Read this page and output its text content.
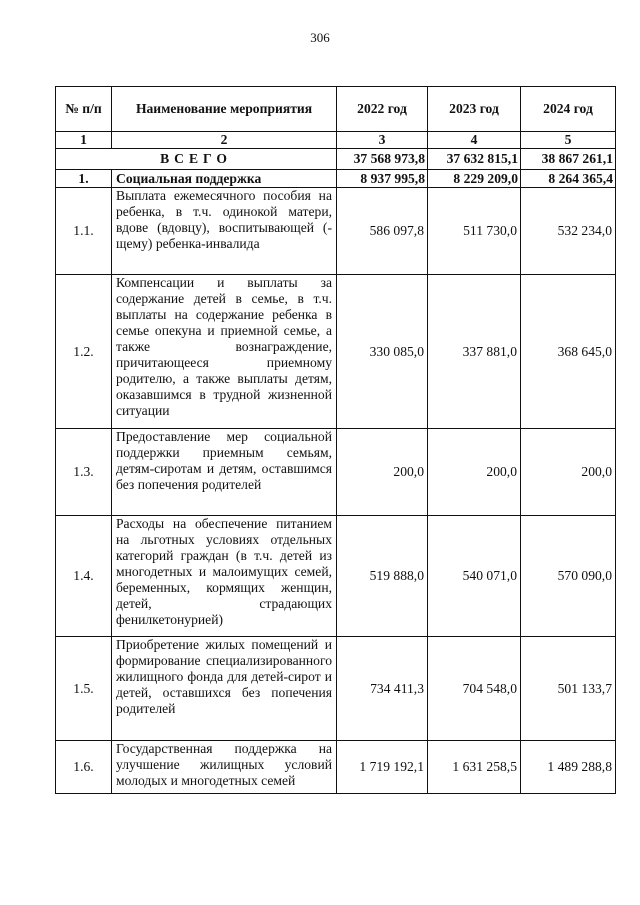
306
№ п/п	Наименование мероприятия	2022 год	2023 год	2024 год
1	2	3	4	5
ВСЕГО		37 568 973,8	37 632 815,1	38 867 261,1
1.	Социальная поддержка	8 937 995,8	8 229 209,0	8 264 365,4
1.1.	Выплата ежемесячного пособия на ребенка, в т.ч. одинокой матери, вдове (вдовцу), воспитывающей (-щему) ребенка-инвалида	586 097,8	511 730,0	532 234,0
1.2.	Компенсации и выплаты за содержание детей в семье, в т.ч. выплаты на содержание ребенка в семье опекуна и приемной семье, а также вознаграждение, причитающееся приемному родителю, а также выплаты детям, оказавшимся в трудной жизненной ситуации	330 085,0	337 881,0	368 645,0
1.3.	Предоставление мер социальной поддержки приемным семьям, детям-сиротам и детям, оставшимся без попечения родителей	200,0	200,0	200,0
1.4.	Расходы на обеспечение питанием на льготных условиях отдельных категорий граждан (в т.ч. детей из многодетных и малоимущих семей, беременных, кормящих женщин, детей, страдающих фенилкетонурией)	519 888,0	540 071,0	570 090,0
1.5.	Приобретение жилых помещений и формирование специализированного жилищного фонда для детей-сирот и детей, оставшихся без попечения родителей	734 411,3	704 548,0	501 133,7
1.6.	Государственная поддержка на улучшение жилищных условий молодых и многодетных семей	1 719 192,1	1 631 258,5	1 489 288,8
